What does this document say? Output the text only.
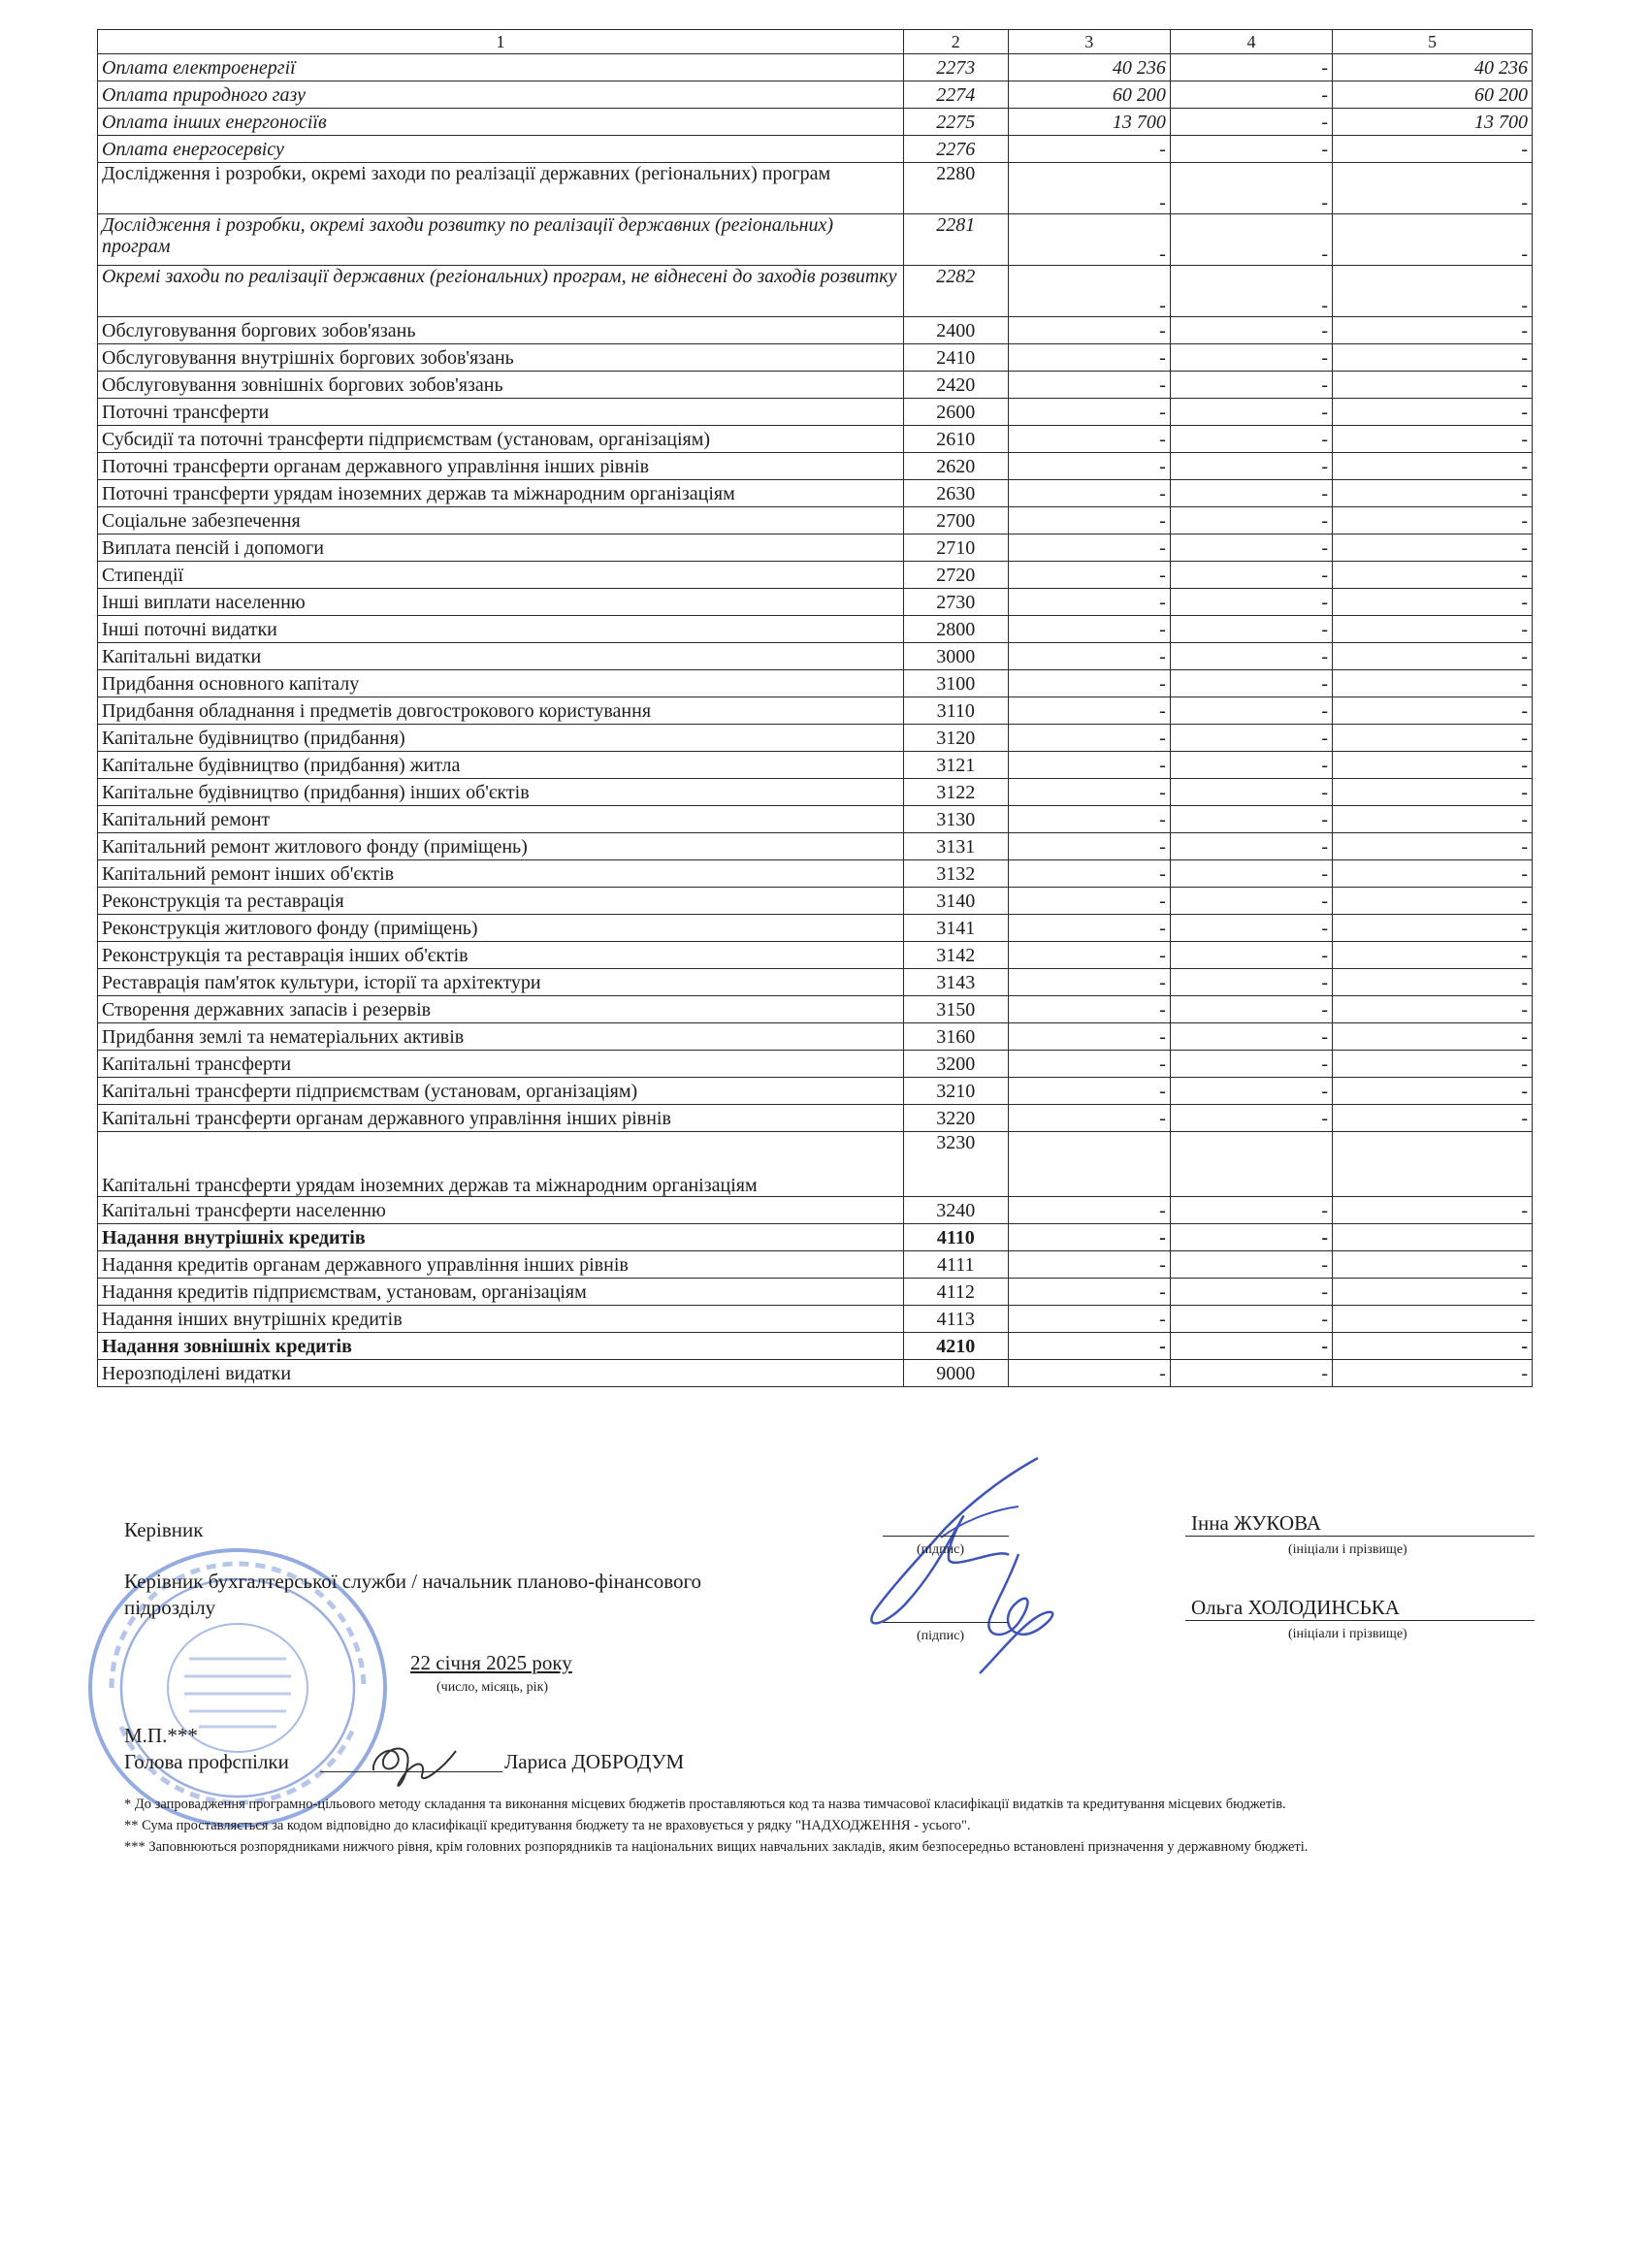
1	2	3	4	5
Оплата електроенергії	2273	40 236	-	40 236
Оплата природного газу	2274	60 200	-	60 200
Оплата інших енергоносіїв	2275	13 700	-	13 700
Оплата енергосервісу	2276	-	-	-
Дослідження і розробки, окремі заходи по реалізації державних (регіональних) програм	2280	-	-	-
Дослідження і розробки, окремі заходи розвитку по реалізації державних (регіональних) програм	2281	-	-	-
Окремі заходи по реалізації державних (регіональних) програм, не віднесені до заходів розвитку	2282	-	-	-
Обслуговування боргових зобов'язань	2400	-	-	-
Обслуговування внутрішніх боргових зобов'язань	2410	-	-	-
Обслуговування зовнішніх боргових зобов'язань	2420	-	-	-
Поточні трансферти	2600	-	-	-
Субсидії та поточні трансферти підприємствам (установам, організаціям)	2610	-	-	-
Поточні трансферти органам державного управління інших рівнів	2620	-	-	-
Поточні трансферти урядам іноземних держав та міжнародним організаціям	2630	-	-	-
Соціальне забезпечення	2700	-	-	-
Виплата пенсій і допомоги	2710	-	-	-
Стипендії	2720	-	-	-
Інші виплати населенню	2730	-	-	-
Інші поточні видатки	2800	-	-	-
Капітальні видатки	3000	-	-	-
Придбання основного капіталу	3100	-	-	-
Придбання обладнання і предметів довгострокового користування	3110	-	-	-
Капітальне будівництво (придбання)	3120	-	-	-
Капітальне будівництво (придбання) житла	3121	-	-	-
Капітальне будівництво (придбання) інших об'єктів	3122	-	-	-
Капітальний ремонт	3130	-	-	-
Капітальний ремонт житлового фонду (приміщень)	3131	-	-	-
Капітальний ремонт інших об'єктів	3132	-	-	-
Реконструкція та реставрація	3140	-	-	-
Реконструкція житлового фонду (приміщень)	3141	-	-	-
Реконструкція та реставрація інших об'єктів	3142	-	-	-
Реставрація пам'яток культури, історії та архітектури	3143	-	-	-
Створення державних запасів і резервів	3150	-	-	-
Придбання землі та нематеріальних активів	3160	-	-	-
Капітальні трансферти	3200	-	-	-
Капітальні трансферти підприємствам (установам, організаціям)	3210	-	-	-
Капітальні трансферти органам державного управління інших рівнів	3220	-	-	-
Капітальні трансферти урядам іноземних держав та міжнародним організаціям	3230			
Капітальні трансферти населенню	3240	-	-	-
Надання внутрішніх кредитів	4110	-	-	
Надання кредитів органам державного управління інших рівнів	4111	-	-	-
Надання кредитів підприємствам, установам, організаціям	4112	-	-	-
Надання інших внутрішніх кредитів	4113	-	-	-
Надання зовнішніх кредитів	4210	-	-	-
Нерозподілені видатки	9000	-	-	-
Керівник
(підпис)
Інна ЖУКОВА
(ініціали і прізвище)
Керівник бухгалтерської служби / начальник планово-фінансового
підрозділу
(підпис)
Ольга ХОЛОДИНСЬКА
(ініціали і прізвище)
22 січня 2025 року
(число, місяць, рік)
М.П.***
Голова профспілки	Лариса ДОБРОДУМ

* До запровадження програмно-цільового методу складання та виконання місцевих бюджетів проставляються код та назва тимчасової класифікації видатків та кредитування місцевих бюджетів.

** Сума проставляється за кодом відповідно до класифікації кредитування бюджету та не враховується у рядку "НАДХОДЖЕННЯ - усього".

*** Заповнюються розпорядниками нижчого рівня, крім головних розпорядників та національних вищих навчальних закладів, яким безпосередньо встановлені призначення у державному бюджеті.
